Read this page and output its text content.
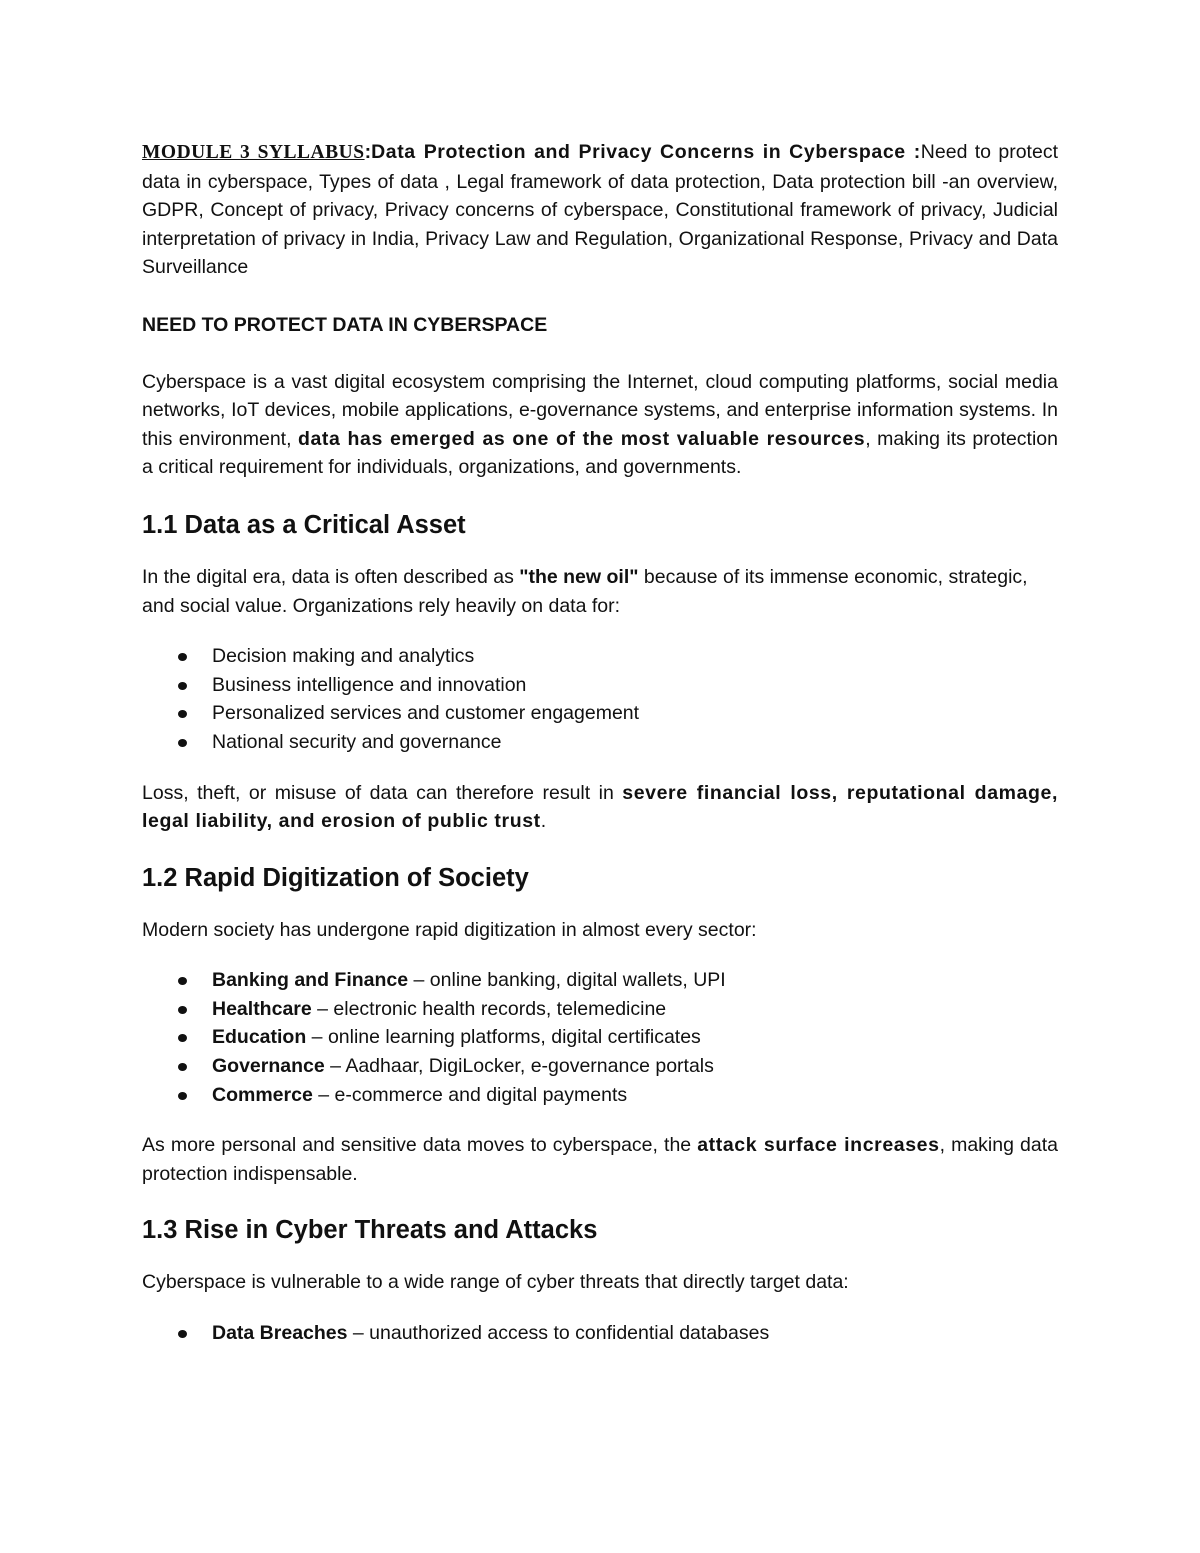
MODULE 3 SYLLABUS:Data Protection and Privacy Concerns in Cyberspace :Need to protect data in cyberspace, Types of data , Legal framework of data protection, Data protection bill -an overview, GDPR, Concept of privacy, Privacy concerns of cyberspace, Constitutional framework of privacy, Judicial interpretation of privacy in India, Privacy Law and Regulation, Organizational Response, Privacy and Data Surveillance

NEED TO PROTECT DATA IN CYBERSPACE

Cyberspace is a vast digital ecosystem comprising the Internet, cloud computing platforms, social media networks, IoT devices, mobile applications, e-governance systems, and enterprise information systems. In this environment, data has emerged as one of the most valuable resources, making its protection a critical requirement for individuals, organizations, and governments.

1.1 Data as a Critical Asset

In the digital era, data is often described as "the new oil" because of its immense economic, strategic, and social value. Organizations rely heavily on data for:

Decision making and analytics
Business intelligence and innovation
Personalized services and customer engagement
National security and governance

Loss, theft, or misuse of data can therefore result in severe financial loss, reputational damage, legal liability, and erosion of public trust.

1.2 Rapid Digitization of Society

Modern society has undergone rapid digitization in almost every sector:

Banking and Finance – online banking, digital wallets, UPI
Healthcare – electronic health records, telemedicine
Education – online learning platforms, digital certificates
Governance – Aadhaar, DigiLocker, e-governance portals
Commerce – e-commerce and digital payments

As more personal and sensitive data moves to cyberspace, the attack surface increases, making data protection indispensable.

1.3 Rise in Cyber Threats and Attacks

Cyberspace is vulnerable to a wide range of cyber threats that directly target data:

Data Breaches – unauthorized access to confidential databases
